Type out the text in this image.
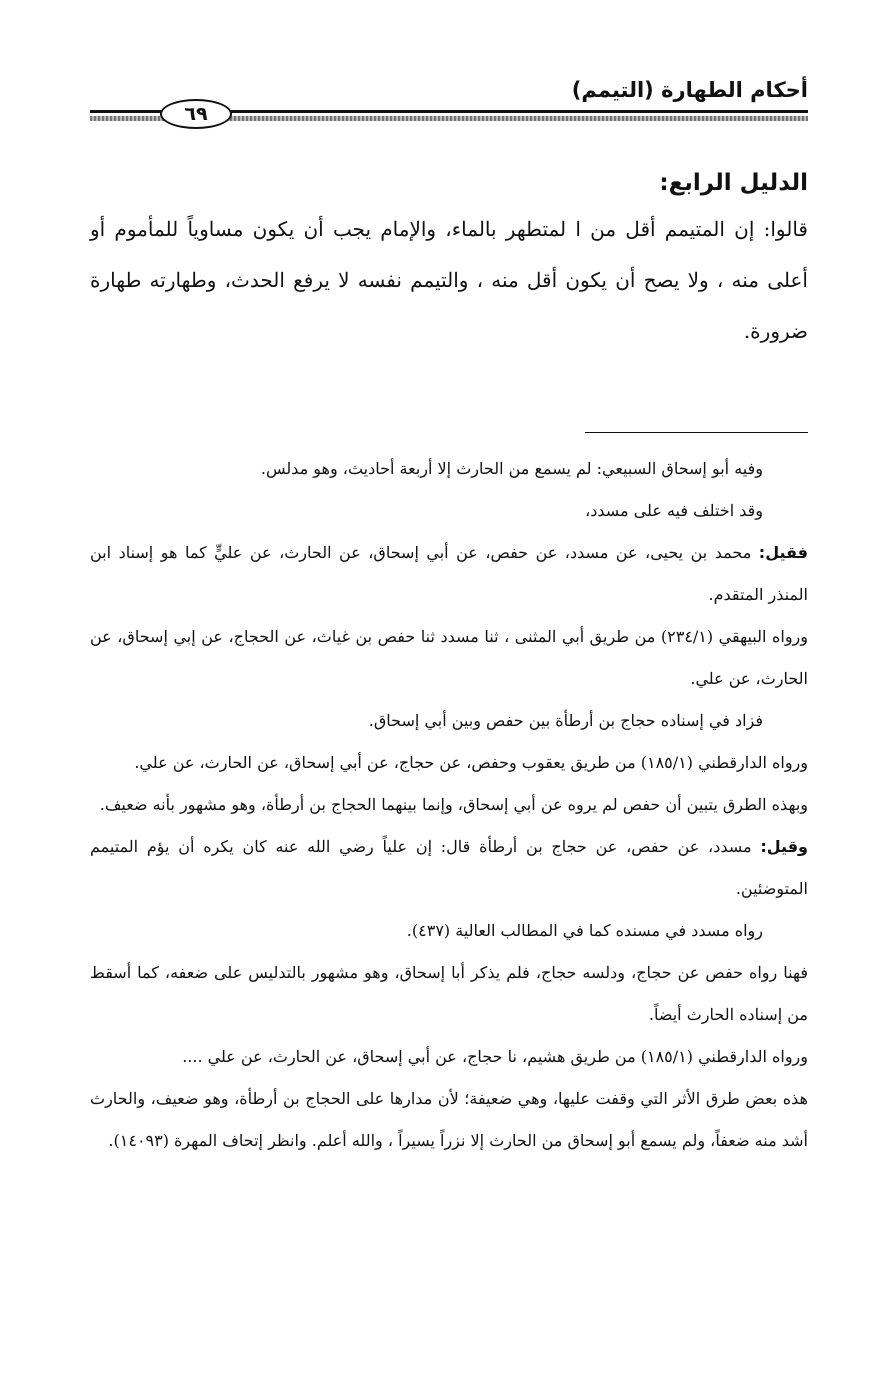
أحكام الطهارة (التيمم)
٦٩
الدليل الرابع:
قالوا: إن المتيمم أقل من ا لمتطهر بالماء، والإمام يجب أن يكون مساوياً للمأموم أو أعلى منه ، ولا يصح أن يكون أقل منه ، والتيمم نفسه لا يرفع الحدث، وطهارته طهارة ضرورة.
وفيه أبو إسحاق السبيعي: لم يسمع من الحارث إلا أربعة أحاديث، وهو مدلس.
وقد اختلف فيه على مسدد،
فقيل: محمد بن يحيى، عن مسدد، عن حفص، عن أبي إسحاق، عن الحارث، عن عليٍّ كما هو إسناد ابن المنذر المتقدم.
ورواه البيهقي (٢٣٤/١) من طريق أبي المثنى ، ثنا مسدد ثنا حفص بن غياث، عن الحجاج، عن إبي إسحاق، عن الحارث، عن علي.
فزاد في إسناده حجاج بن أرطأة بين حفص وبين أبي إسحاق.
ورواه الدارقطني (١٨٥/١) من طريق يعقوب وحفص، عن حجاج، عن أبي إسحاق، عن الحارث، عن علي.
وبهذه الطرق يتبين أن حفص لم يروه عن أبي إسحاق، وإنما بينهما الحجاج بن أرطأة، وهو مشهور بأنه ضعيف.
وقيل: مسدد، عن حفص، عن حجاج بن أرطأة قال: إن علياً رضي الله عنه كان يكره أن يؤم المتيمم المتوضئين.
رواه مسدد في مسنده كما في المطالب العالية (٤٣٧).
فهنا رواه حفص عن حجاج، ودلسه حجاج، فلم يذكر أبا إسحاق، وهو مشهور بالتدليس على ضعفه، كما أسقط من إسناده الحارث أيضاً.
ورواه الدارقطني (١٨٥/١) من طريق هشيم، نا حجاج، عن أبي إسحاق، عن الحارث، عن علي ....
هذه بعض طرق الأثر التي وقفت عليها، وهي ضعيفة؛ لأن مدارها على الحجاج بن أرطأة، وهو ضعيف، والحارث أشد منه ضعفاً، ولم يسمع أبو إسحاق من الحارث إلا نزراً يسيراً ، والله أعلم. وانظر إتحاف المهرة (١٤٠٩٣).
